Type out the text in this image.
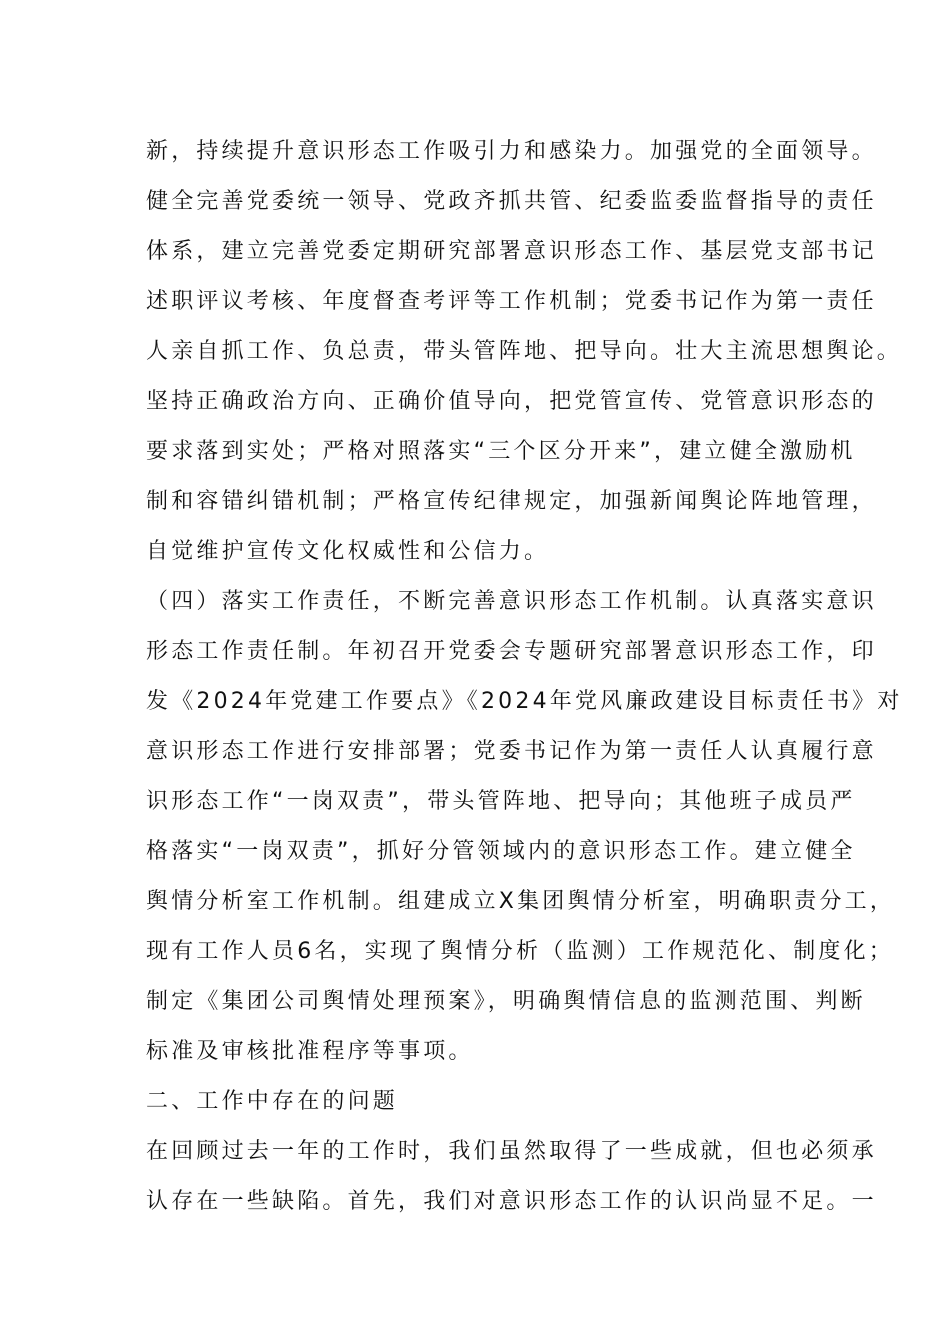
新，持续提升意识形态工作吸引力和感染力。加强党的全面领导。
健全完善党委统一领导、党政齐抓共管、纪委监委监督指导的责任
体系，建立完善党委定期研究部署意识形态工作、基层党支部书记
述职评议考核、年度督查考评等工作机制；党委书记作为第一责任
人亲自抓工作、负总责，带头管阵地、把导向。壮大主流思想舆论。
坚持正确政治方向、正确价值导向，把党管宣传、党管意识形态的
要求落到实处；严格对照落实“三个区分开来”，建立健全激励机
制和容错纠错机制；严格宣传纪律规定，加强新闻舆论阵地管理，
自觉维护宣传文化权威性和公信力。
（四）落实工作责任，不断完善意识形态工作机制。认真落实意识
形态工作责任制。年初召开党委会专题研究部署意识形态工作，印
发《2024年党建工作要点》《2024年党风廉政建设目标责任书》对
意识形态工作进行安排部署；党委书记作为第一责任人认真履行意
识形态工作“一岗双责”，带头管阵地、把导向；其他班子成员严
格落实“一岗双责”，抓好分管领域内的意识形态工作。建立健全
舆情分析室工作机制。组建成立X集团舆情分析室，明确职责分工，
现有工作人员6名，实现了舆情分析（监测）工作规范化、制度化；
制定《集团公司舆情处理预案》，明确舆情信息的监测范围、判断
标准及审核批准程序等事项。
二、工作中存在的问题
在回顾过去一年的工作时，我们虽然取得了一些成就，但也必须承
认存在一些缺陷。首先，我们对意识形态工作的认识尚显不足。一
